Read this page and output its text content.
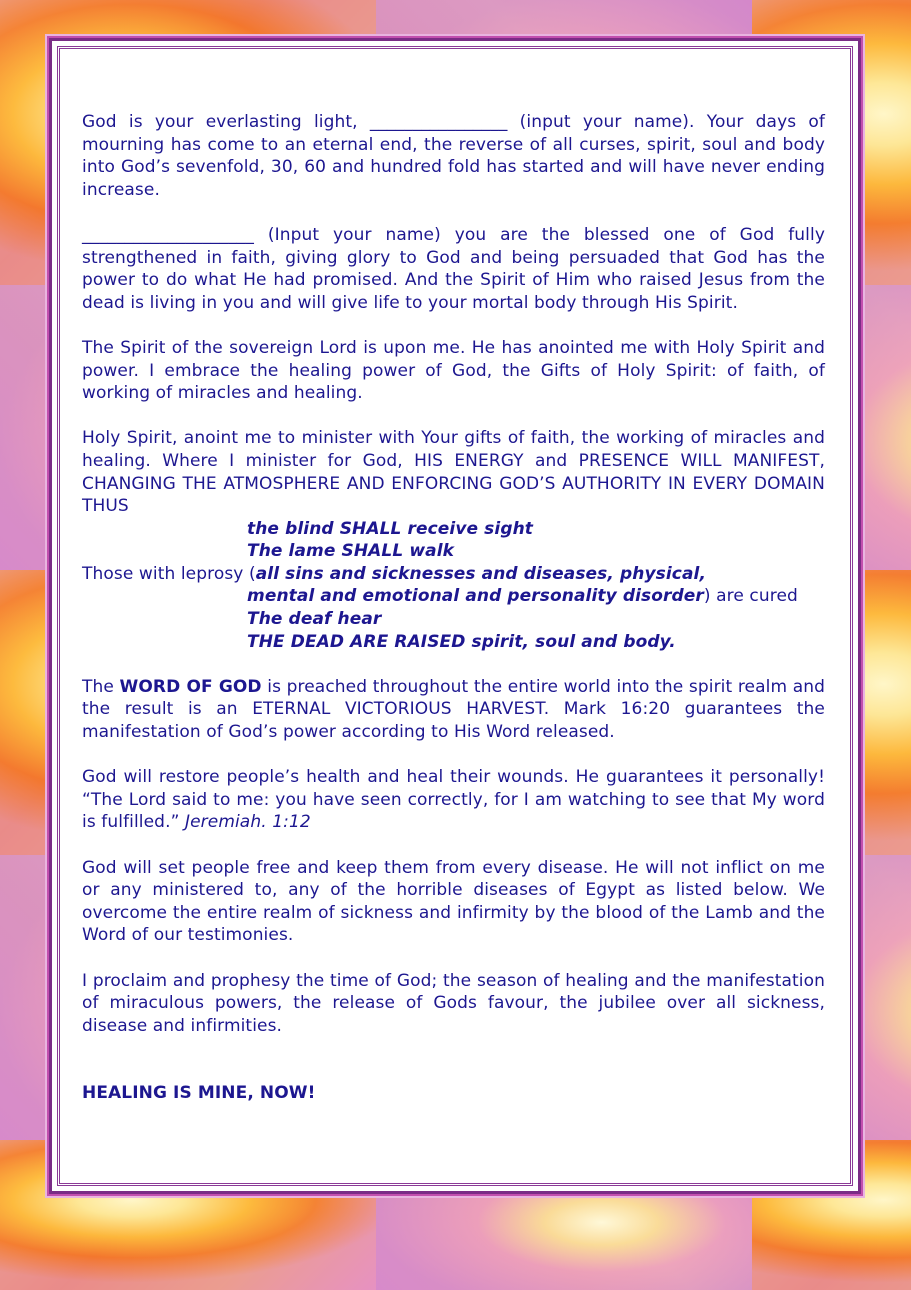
God is your everlasting light, ________________ (input your name). Your days of mourning has come to an eternal end, the reverse of all curses, spirit, soul and body into God’s sevenfold, 30, 60 and hundred fold has started and will have never ending increase.

____________________ (Input your name) you are the blessed one of God fully strengthened in faith, giving glory to God and being persuaded that God has the power to do what He had promised. And the Spirit of Him who raised Jesus from the dead is living in you and will give life to your mortal body through His Spirit.

The Spirit of the sovereign Lord is upon me. He has anointed me with Holy Spirit and power. I embrace the healing power of God, the Gifts of Holy Spirit: of faith, of working of miracles and healing.

Holy Spirit, anoint me to minister with Your gifts of faith, the working of miracles and healing. Where I minister for God, HIS ENERGY and PRESENCE WILL MANIFEST, CHANGING THE ATMOSPHERE AND ENFORCING GOD’S AUTHORITY IN EVERY DOMAIN THUS

the blind SHALL receive sight
The lame SHALL walk
Those with leprosy (all sins and sicknesses and diseases, physical,
mental and emotional and personality disorder) are cured
The deaf hear
THE DEAD ARE RAISED spirit, soul and body.

The WORD OF GOD is preached throughout the entire world into the spirit realm and the result is an ETERNAL VICTORIOUS HARVEST. Mark 16:20 guarantees the manifestation of God’s power according to His Word released.

God will restore people’s health and heal their wounds. He guarantees it personally! “The Lord said to me: you have seen correctly, for I am watching to see that My word is fulfilled.” Jeremiah. 1:12

God will set people free and keep them from every disease. He will not inflict on me or any ministered to, any of the horrible diseases of Egypt as listed below. We overcome the entire realm of sickness and infirmity by the blood of the Lamb and the Word of our testimonies.

I proclaim and prophesy the time of God; the season of healing and the manifestation of miraculous powers, the release of Gods favour, the jubilee over all sickness, disease and infirmities.

HEALING IS MINE, NOW!
